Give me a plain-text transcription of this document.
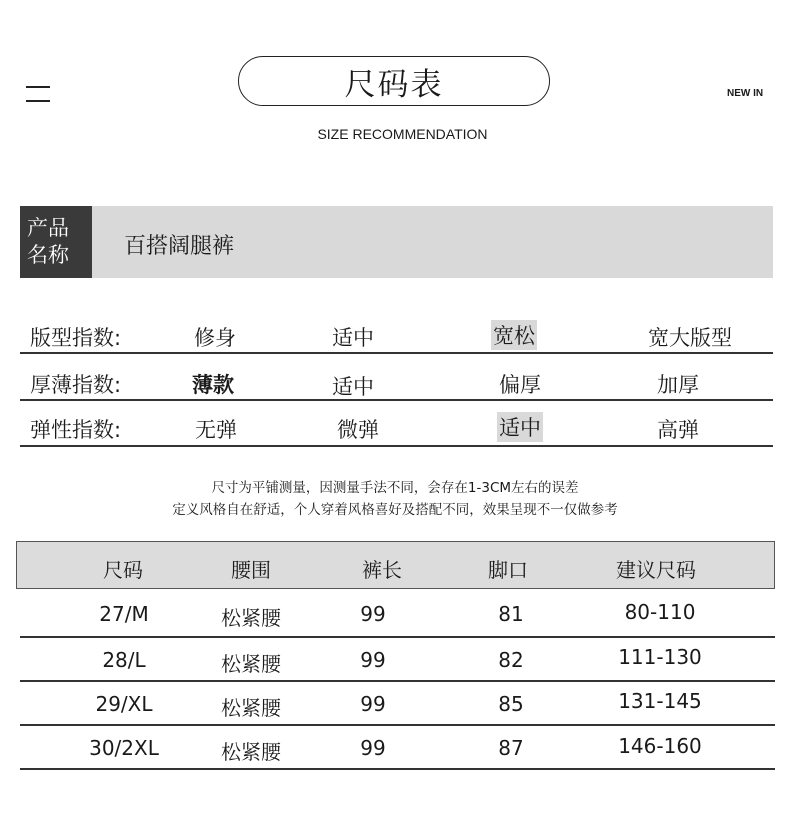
尺码表	NEW IN
SIZE RECOMMENDATION
产品
名称	百搭阔腿裤
版型指数:	修身	适中	宽松	宽大版型
厚薄指数:	薄款	适中	偏厚	加厚
弹性指数:	无弹	微弹	适中	高弹
尺寸为平铺测量，因测量手法不同，会存在1-3CM左右的误差
定义风格自在舒适，个人穿着风格喜好及搭配不同，效果呈现不一仅做参考
尺码	腰围	裤长	脚口	建议尺码
27/M	松紧腰	99	81	80-110
28/L	松紧腰	99	82	111-130
29/XL	松紧腰	99	85	131-145
30/2XL	松紧腰	99	87	146-160
